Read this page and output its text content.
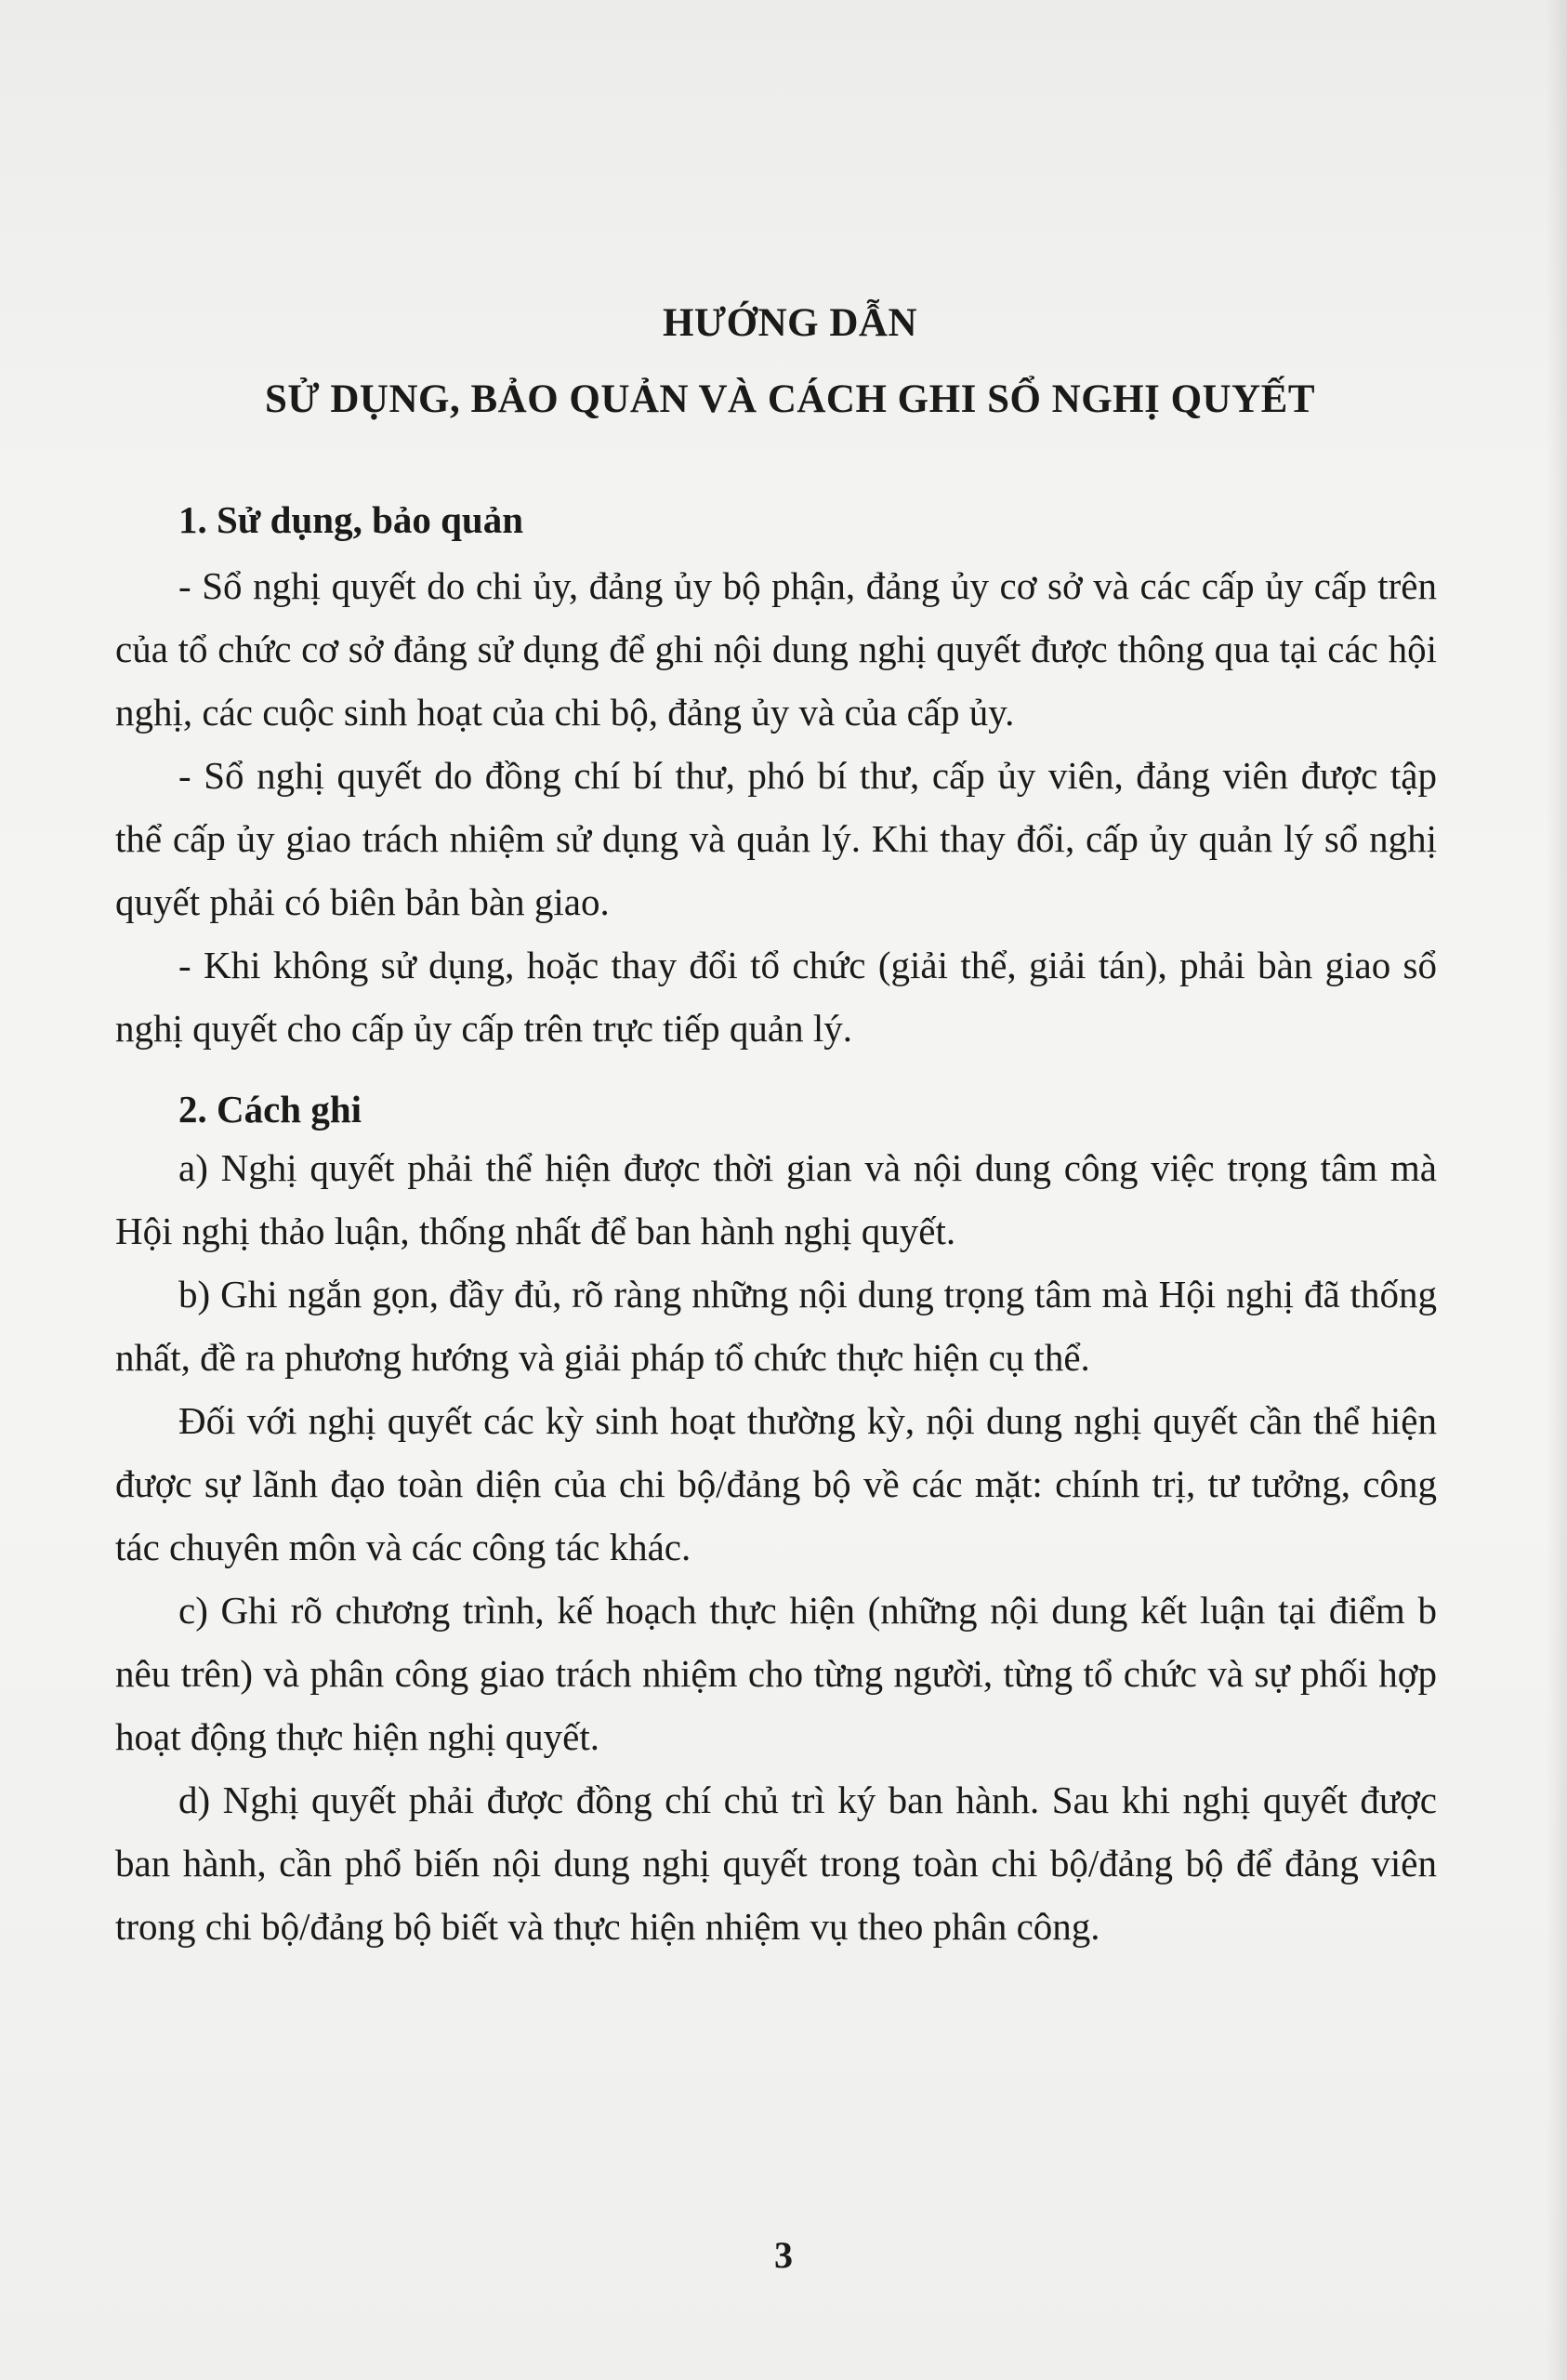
HƯỚNG DẪN
SỬ DỤNG, BẢO QUẢN VÀ CÁCH GHI SỔ NGHỊ QUYẾT
1. Sử dụng, bảo quản

- Sổ nghị quyết do chi ủy, đảng ủy bộ phận, đảng ủy cơ sở và các cấp ủy cấp trên của tổ chức cơ sở đảng sử dụng để ghi nội dung nghị quyết được thông qua tại các hội nghị, các cuộc sinh hoạt của chi bộ, đảng ủy và của cấp ủy.

- Sổ nghị quyết do đồng chí bí thư, phó bí thư, cấp ủy viên, đảng viên được tập thể cấp ủy giao trách nhiệm sử dụng và quản lý. Khi thay đổi, cấp ủy quản lý sổ nghị quyết phải có biên bản bàn giao.

- Khi không sử dụng, hoặc thay đổi tổ chức (giải thể, giải tán), phải bàn giao sổ nghị quyết cho cấp ủy cấp trên trực tiếp quản lý.

2. Cách ghi

a) Nghị quyết phải thể hiện được thời gian và nội dung công việc trọng tâm mà Hội nghị thảo luận, thống nhất để ban hành nghị quyết.

b) Ghi ngắn gọn, đầy đủ, rõ ràng những nội dung trọng tâm mà Hội nghị đã thống nhất, đề ra phương hướng và giải pháp tổ chức thực hiện cụ thể.

Đối với nghị quyết các kỳ sinh hoạt thường kỳ, nội dung nghị quyết cần thể hiện được sự lãnh đạo toàn diện của chi bộ/đảng bộ về các mặt: chính trị, tư tưởng, công tác chuyên môn và các công tác khác.

c) Ghi rõ chương trình, kế hoạch thực hiện (những nội dung kết luận tại điểm b nêu trên) và phân công giao trách nhiệm cho từng người, từng tổ chức và sự phối hợp hoạt động thực hiện nghị quyết.

d) Nghị quyết phải được đồng chí chủ trì ký ban hành. Sau khi nghị quyết được ban hành, cần phổ biến nội dung nghị quyết trong toàn chi bộ/đảng bộ để đảng viên trong chi bộ/đảng bộ biết và thực hiện nhiệm vụ theo phân công.

3
